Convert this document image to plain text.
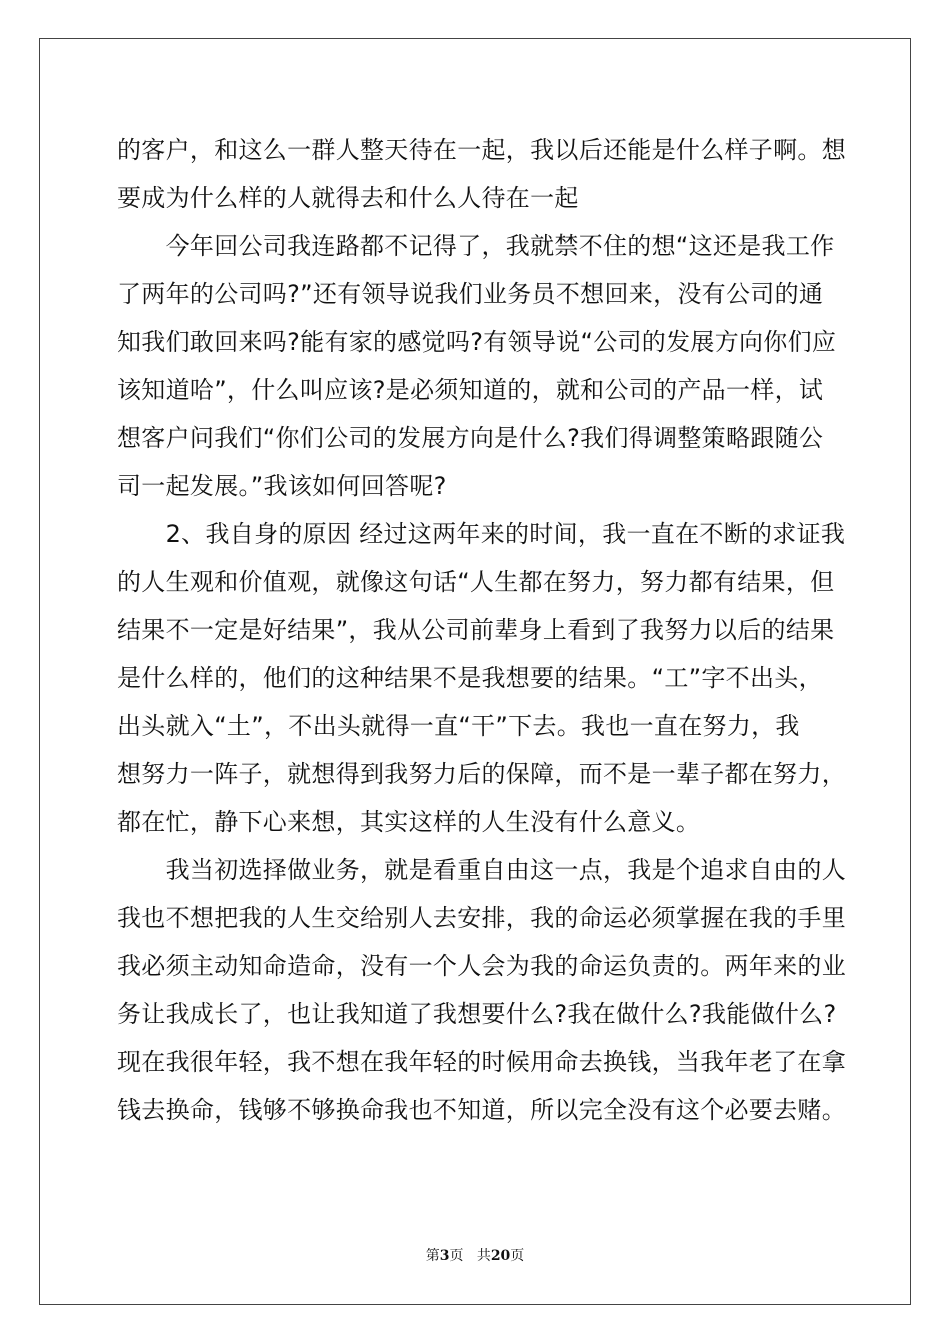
的客户，和这么一群人整天待在一起，我以后还能是什么样子啊。想
要成为什么样的人就得去和什么人待在一起
　　今年回公司我连路都不记得了，我就禁不住的想“这还是我工作
了两年的公司吗?”还有领导说我们业务员不想回来，没有公司的通
知我们敢回来吗?能有家的感觉吗?有领导说“公司的发展方向你们应
该知道哈”，什么叫应该?是必须知道的，就和公司的产品一样，试
想客户问我们“你们公司的发展方向是什么?我们得调整策略跟随公
司一起发展。”我该如何回答呢?
　　2、我自身的原因 经过这两年来的时间，我一直在不断的求证我
的人生观和价值观，就像这句话“人生都在努力，努力都有结果，但
结果不一定是好结果”，我从公司前辈身上看到了我努力以后的结果
是什么样的，他们的这种结果不是我想要的结果。“工”字不出头，
出头就入“土”，不出头就得一直“干”下去。我也一直在努力，我
想努力一阵子，就想得到我努力后的保障，而不是一辈子都在努力，
都在忙，静下心来想，其实这样的人生没有什么意义。
　　我当初选择做业务，就是看重自由这一点，我是个追求自由的人
我也不想把我的人生交给别人去安排，我的命运必须掌握在我的手里
我必须主动知命造命，没有一个人会为我的命运负责的。两年来的业
务让我成长了，也让我知道了我想要什么?我在做什么?我能做什么?
现在我很年轻，我不想在我年轻的时候用命去换钱，当我年老了在拿
钱去换命，钱够不够换命我也不知道，所以完全没有这个必要去赌。
第3页 共20页
